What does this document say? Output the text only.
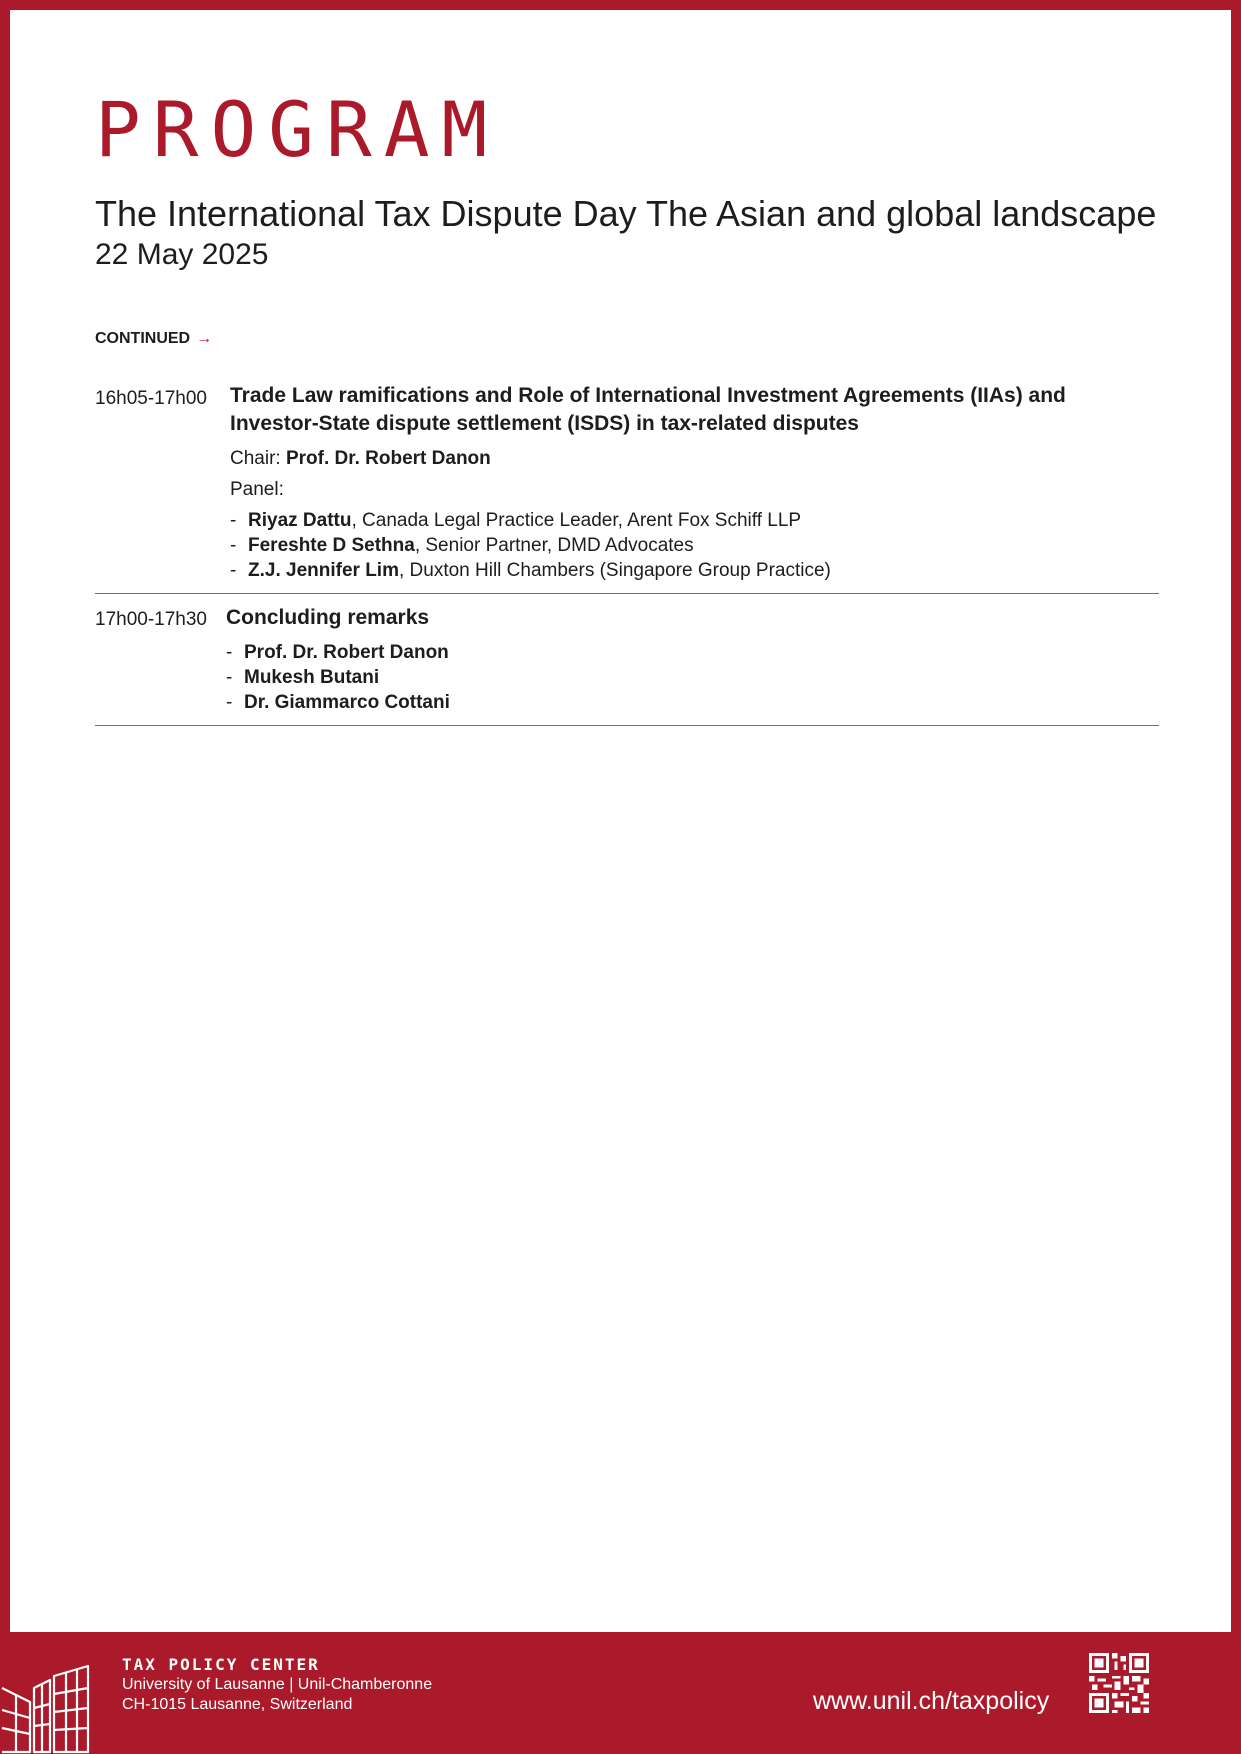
PROGRAM
The International Tax Dispute Day The Asian and global landscape
22 May 2025
CONTINUED →
16h05-17h00 Trade Law ramifications and Role of International Investment Agreements (IIAs) and Investor-State dispute settlement (ISDS) in tax-related disputes
Chair: Prof. Dr. Robert Danon
Panel:
- Riyaz Dattu, Canada Legal Practice Leader, Arent Fox Schiff LLP
- Fereshte D Sethna, Senior Partner, DMD Advocates
- Z.J. Jennifer Lim, Duxton Hill Chambers (Singapore Group Practice)
17h00-17h30 Concluding remarks
- Prof. Dr. Robert Danon
- Mukesh Butani
- Dr. Giammarco Cottani
TAX POLICY CENTER
University of Lausanne | Unil-Chamberonne
CH-1015 Lausanne, Switzerland	www.unil.ch/taxpolicy
